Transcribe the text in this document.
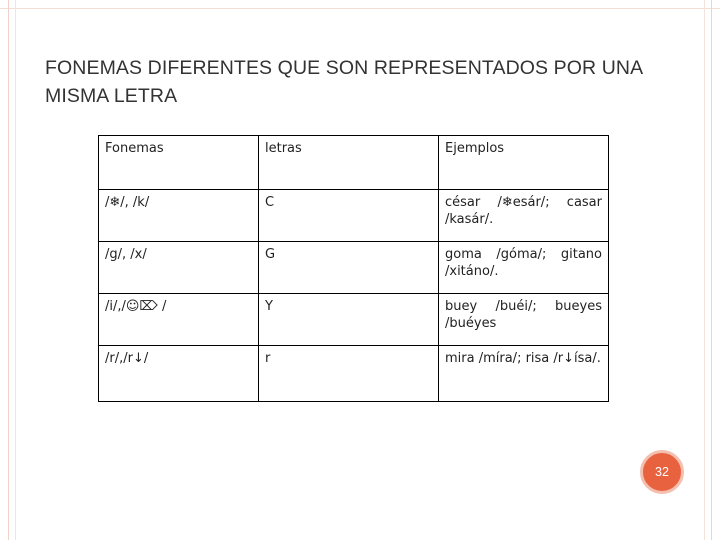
FONEMAS DIFERENTES QUE SON REPRESENTADOS POR UNA MISMA LETRA
Fonemas	letras	Ejemplos
/❄/, /k/	C	césar /❄esár/; casar /kasár/.

/g/, /x/	G	goma /góma/; gitano /xitáno/.

/i/,/☺⌦ /	Y	buey /buéi/; bueyes /buéyes

/r/,/r↓/	r	mira /míra/; risa /r↓ísa/.
32
